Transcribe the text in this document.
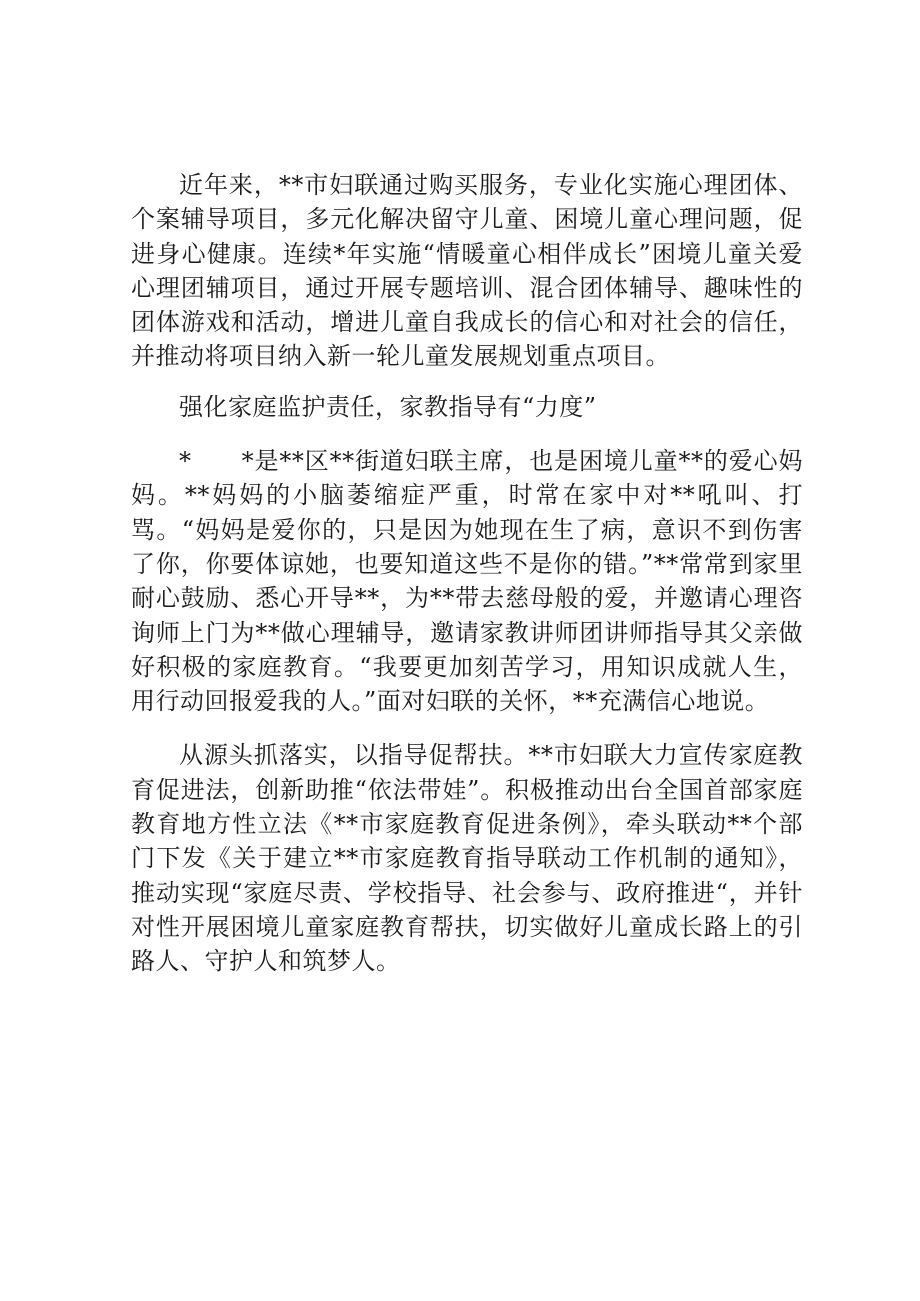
近年来，**市妇联通过购买服务，专业化实施心理团体、个案辅导项目，多元化解决留守儿童、困境儿童心理问题，促进身心健康。连续*年实施“情暖童心相伴成长”困境儿童关爱心理团辅项目，通过开展专题培训、混合团体辅导、趣味性的团体游戏和活动，增进儿童自我成长的信心和对社会的信任，并推动将项目纳入新一轮儿童发展规划重点项目。

强化家庭监护责任，家教指导有“力度”

*　　*是**区**街道妇联主席，也是困境儿童**的爱心妈妈。**妈妈的小脑萎缩症严重，时常在家中对**吼叫、打骂。“妈妈是爱你的，只是因为她现在生了病，意识不到伤害了你，你要体谅她，也要知道这些不是你的错。”**常常到家里耐心鼓励、悉心开导**，为**带去慈母般的爱，并邀请心理咨询师上门为**做心理辅导，邀请家教讲师团讲师指导其父亲做好积极的家庭教育。“我要更加刻苦学习，用知识成就人生，用行动回报爱我的人。”面对妇联的关怀，**充满信心地说。

从源头抓落实，以指导促帮扶。**市妇联大力宣传家庭教育促进法，创新助推“依法带娃”。积极推动出台全国首部家庭教育地方性立法《**市家庭教育促进条例》，牵头联动**个部门下发《关于建立**市家庭教育指导联动工作机制的通知》，推动实现“家庭尽责、学校指导、社会参与、政府推进“，并针对性开展困境儿童家庭教育帮扶，切实做好儿童成长路上的引路人、守护人和筑梦人。
